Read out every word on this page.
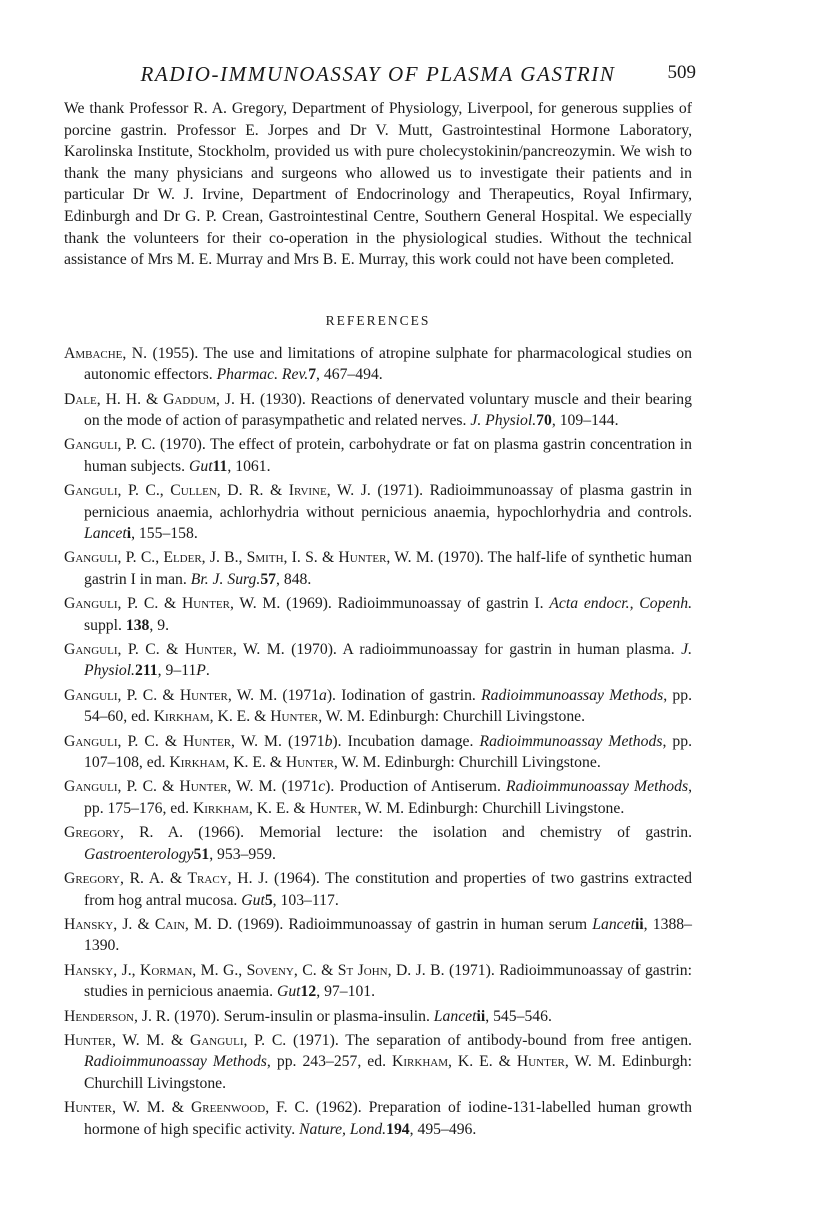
RADIO-IMMUNOASSAY OF PLASMA GASTRIN	509

We thank Professor R. A. Gregory, Department of Physiology, Liverpool, for generous supplies of porcine gastrin. Professor E. Jorpes and Dr V. Mutt, Gastrointestinal Hormone Laboratory, Karolinska Institute, Stockholm, provided us with pure cholecystokinin/pancreozymin. We wish to thank the many physicians and surgeons who allowed us to investigate their patients and in particular Dr W. J. Irvine, Department of Endocrinology and Therapeutics, Royal Infirmary, Edinburgh and Dr G. P. Crean, Gastrointestinal Centre, Southern General Hospital. We especially thank the volunteers for their co-operation in the physiological studies. Without the technical assistance of Mrs M. E. Murray and Mrs B. E. Murray, this work could not have been completed.

REFERENCES

Ambache, N. (1955). The use and limitations of atropine sulphate for pharmacological studies on autonomic effectors. Pharmac. Rev.7, 467–494.

Dale, H. H. & Gaddum, J. H. (1930). Reactions of denervated voluntary muscle and their bearing on the mode of action of parasympathetic and related nerves. J. Physiol.70, 109–144.

Ganguli, P. C. (1970). The effect of protein, carbohydrate or fat on plasma gastrin concentration in human subjects. Gut11, 1061.

Ganguli, P. C., Cullen, D. R. & Irvine, W. J. (1971). Radioimmunoassay of plasma gastrin in pernicious anaemia, achlorhydria without pernicious anaemia, hypochlorhydria and controls. Lanceti, 155–158.

Ganguli, P. C., Elder, J. B., Smith, I. S. & Hunter, W. M. (1970). The half-life of synthetic human gastrin I in man. Br. J. Surg.57, 848.

Ganguli, P. C. & Hunter, W. M. (1969). Radioimmunoassay of gastrin I. Acta endocr., Copenh. suppl. 138, 9.

Ganguli, P. C. & Hunter, W. M. (1970). A radioimmunoassay for gastrin in human plasma. J. Physiol.211, 9–11P.

Ganguli, P. C. & Hunter, W. M. (1971a). Iodination of gastrin. Radioimmunoassay Methods, pp. 54–60, ed. Kirkham, K. E. & Hunter, W. M. Edinburgh: Churchill Livingstone.

Ganguli, P. C. & Hunter, W. M. (1971b). Incubation damage. Radioimmunoassay Methods, pp. 107–108, ed. Kirkham, K. E. & Hunter, W. M. Edinburgh: Churchill Livingstone.

Ganguli, P. C. & Hunter, W. M. (1971c). Production of Antiserum. Radioimmunoassay Methods, pp. 175–176, ed. Kirkham, K. E. & Hunter, W. M. Edinburgh: Churchill Livingstone.

Gregory, R. A. (1966). Memorial lecture: the isolation and chemistry of gastrin. Gastroenterology51, 953–959.

Gregory, R. A. & Tracy, H. J. (1964). The constitution and properties of two gastrins extracted from hog antral mucosa. Gut5, 103–117.

Hansky, J. & Cain, M. D. (1969). Radioimmunoassay of gastrin in human serum Lancetii, 1388–1390.

Hansky, J., Korman, M. G., Soveny, C. & St John, D. J. B. (1971). Radioimmunoassay of gastrin: studies in pernicious anaemia. Gut12, 97–101.

Henderson, J. R. (1970). Serum-insulin or plasma-insulin. Lancetii, 545–546.

Hunter, W. M. & Ganguli, P. C. (1971). The separation of antibody-bound from free antigen. Radioimmunoassay Methods, pp. 243–257, ed. Kirkham, K. E. & Hunter, W. M. Edinburgh: Churchill Livingstone.

Hunter, W. M. & Greenwood, F. C. (1962). Preparation of iodine-131-labelled human growth hormone of high specific activity. Nature, Lond.194, 495–496.
